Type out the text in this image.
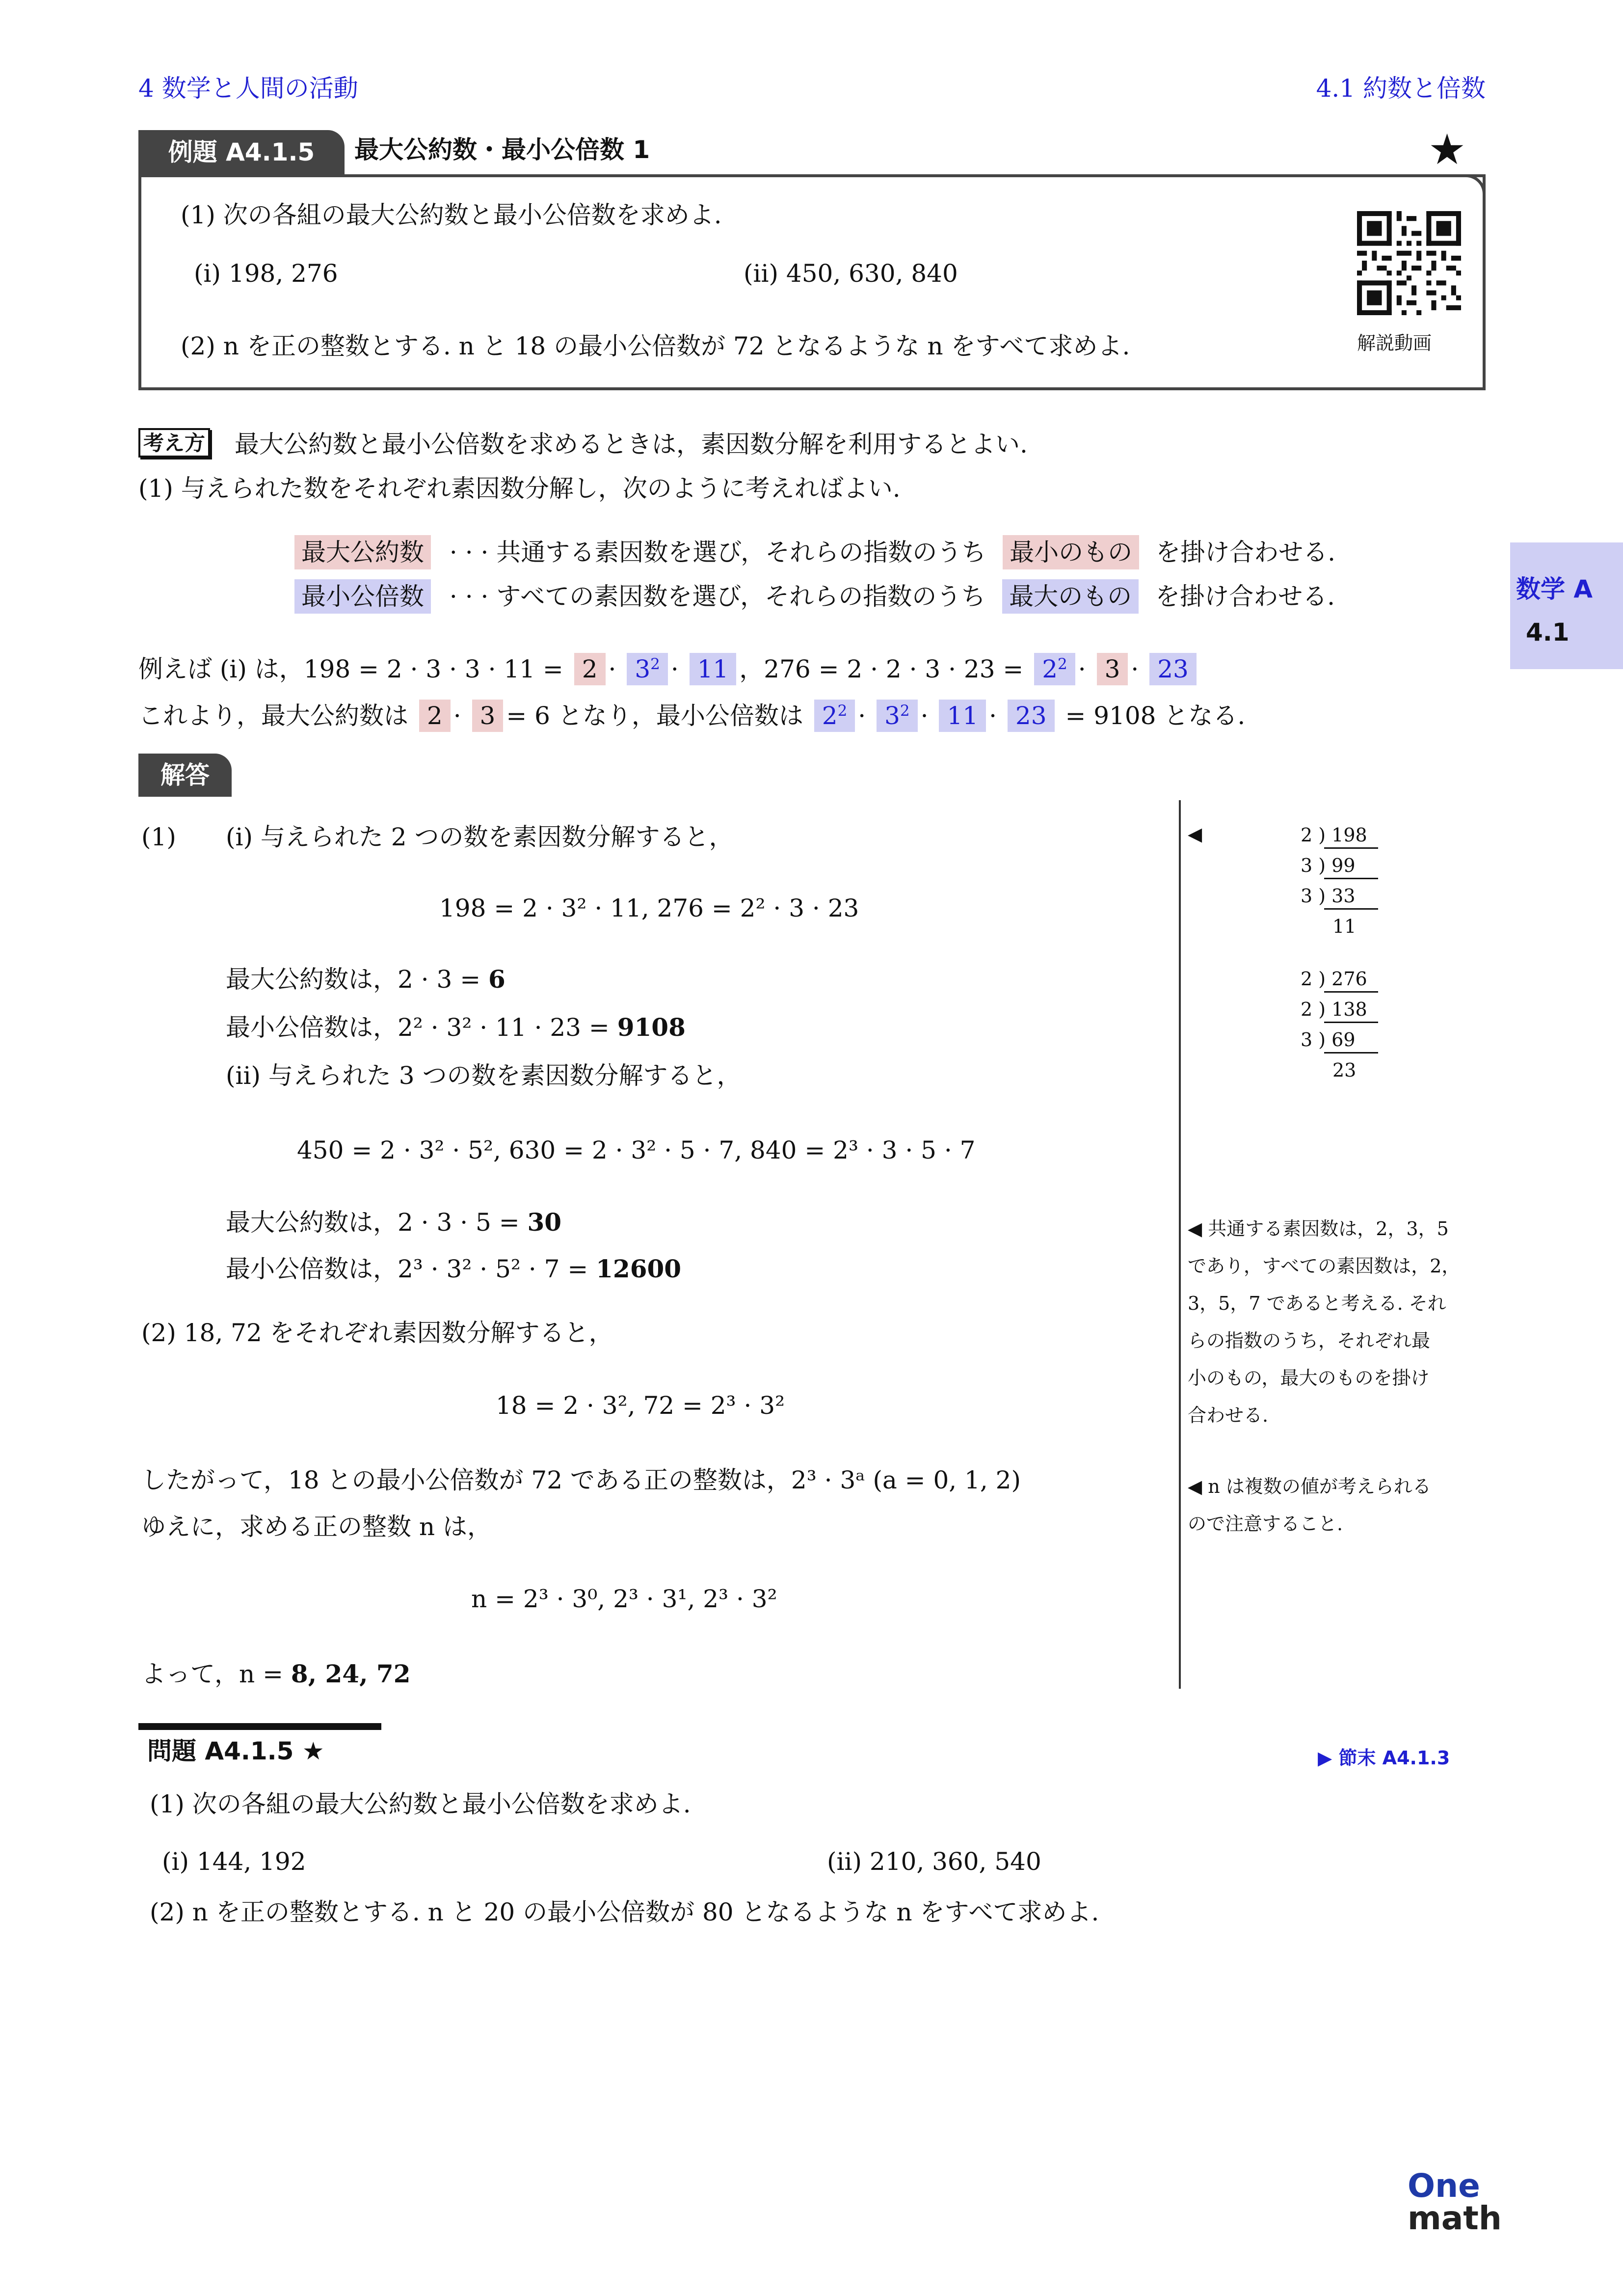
4 数学と人間の活動	4.1 約数と倍数
例題 A4.1.5 最大公約数・最小公倍数 1	★
(1) 次の各組の最大公約数と最小公倍数を求めよ.
(i) 198, 276	(ii) 450, 630, 840
(2) n を正の整数とする. n と 18 の最小公倍数が 72 となるような n をすべて求めよ.	解説動画
数学 A
4.1
考え方 最大公約数と最小公倍数を求めるときは，素因数分解を利用するとよい.
(1) 与えられた数をそれぞれ素因数分解し，次のように考えればよい.
最大公約数 · · · 共通する素因数を選び，それらの指数のうち 最小のもの を掛け合わせる.
最小公倍数 · · · すべての素因数を選び，それらの指数のうち 最大のもの を掛け合わせる.
例えば (i) は，$198 = 2 \cdot 3 \cdot 3 \cdot 11 = 2 \cdot 3^2 \cdot 11$ ，$276 = 2 \cdot 2 \cdot 3 \cdot 23 = 2^2 \cdot 3 \cdot 23$
これより，最大公約数は 2 · 3 = 6 となり，最小公倍数は $2^2 \cdot 3^2 \cdot 11 \cdot 23 = 9108$ となる.
解答
(1) (i) 与えられた 2 つの数を素因数分解すると，
198 = 2 · 3² · 11, 276 = 2² · 3 · 23
最大公約数は，2 · 3 = 6
最小公倍数は，2² · 3² · 11 · 23 = 9108
(ii) 与えられた 3 つの数を素因数分解すると，
450 = 2 · 3² · 5², 630 = 2 · 3² · 5 · 7, 840 = 2³ · 3 · 5 · 7
最大公約数は，2 · 3 · 5 = 30
最小公倍数は，2³ · 3² · 5² · 7 = 12600
(2) 18, 72 をそれぞれ素因数分解すると，
18 = 2 · 3², 72 = 2³ · 3²
したがって，18 との最小公倍数が 72 である正の整数は，2³ · 3ᵃ (a = 0, 1, 2)
ゆえに，求める正の整数 n は，
n = 2³ · 3⁰, 2³ · 3¹, 2³ · 3²
よって，n = 8, 24, 72
◀	2 ) 198
3 ) 99
3 ) 33
11
2 ) 276
2 ) 138
3 ) 69
23
◀ 共通する素因数は，2，3，5
であり，すべての素因数は，2，
3，5，7 であると考える. それ
らの指数のうち，それぞれ最
小のもの，最大のものを掛け
合わせる.
◀ n は複数の値が考えられる
ので注意すること.
問題 A4.1.5 ★	▶ 節末 A4.1.3
(1) 次の各組の最大公約数と最小公倍数を求めよ.
(i) 144, 192	(ii) 210, 360, 540
(2) n を正の整数とする. n と 20 の最小公倍数が 80 となるような n をすべて求めよ.
One
math
